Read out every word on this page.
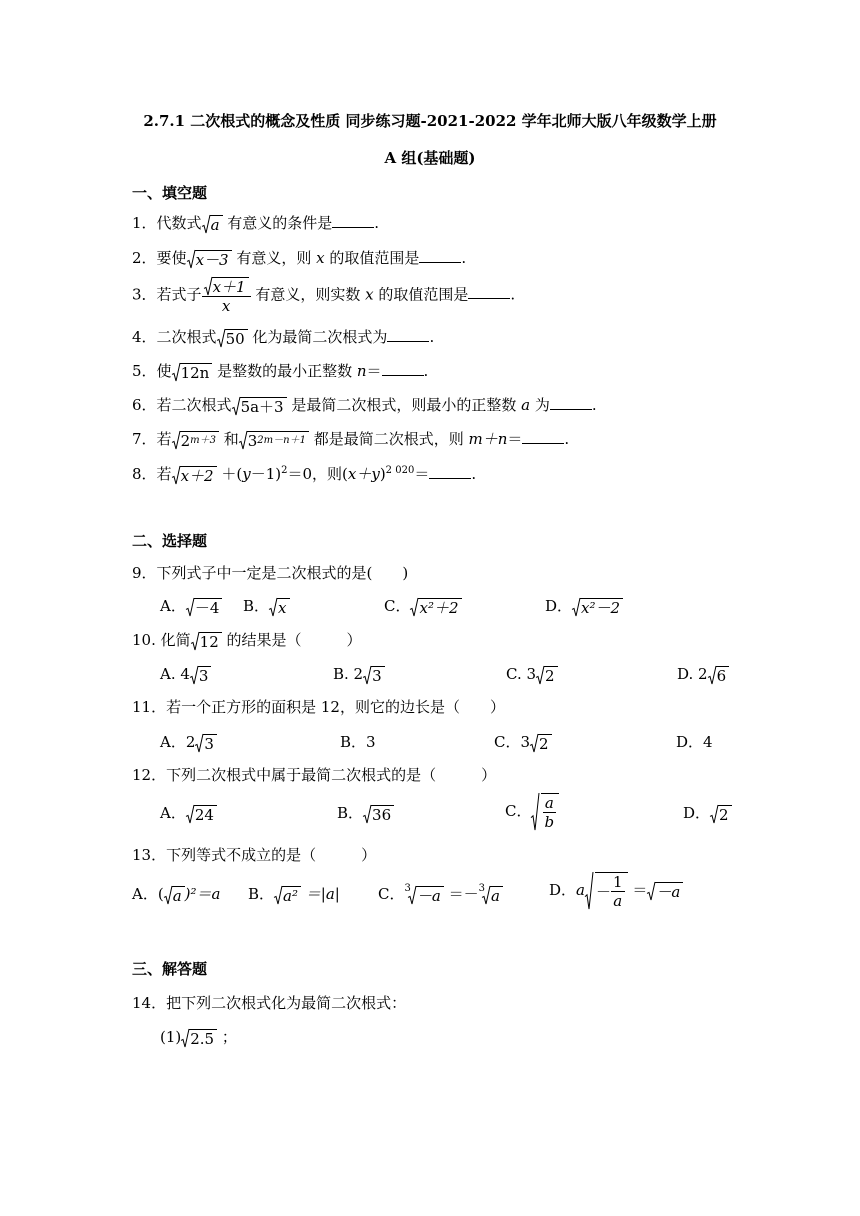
2.7.1 二次根式的概念及性质 同步练习题-2021-2022 学年北师大版八年级数学上册
A 组(基础题)
一、填空题
1．代数式 a 有意义的条件是	.
2．要使 x－3 有意义，则 x 的取值范围是	.
3．若式子 $\frac{x+1}{x}$ 有意义，则实数 x 的取值范围是	.
4．二次根式 50 化为最简二次根式为	.
5．使 12n 是整数的最小正整数 n＝	.
6．若二次根式 5a＋3 是最简二次根式，则最小的正整数 a 为	.
7．若 2 m＋3 和 3 2m－n＋1 都是最简二次根式，则 m＋n＝	.
8．若 $x+2 +(y-1)^2=0$，则$(x+y)^{2 020}=$	.
二、选择题
9．下列式子中一定是二次根式的是(　　)
A． －4 B． x	C． x²＋2	D． x²－2
10. 化简 12 的结果是（　　　）
A. 4 3	B. 2 3	C. 3 2	D. 2 6
11．若一个正方形的面积是 12，则它的边长是（　　）
A．2 3	B．3	C．3 2	D．4
12．下列二次根式中属于最简二次根式的是（　　　）
A． 24	B． 36	C． $\frac{a}{b}$	D． 2
13．下列等式不成立的是（　　　）
A．( a )²＝a B． a² ＝|a|	C．$^3$ －a ＝－$^3$ a	D．$a - \frac{1}{a} = -a$
三、解答题
14．把下列二次根式化为最简二次根式：
(1) 2.5 ；
